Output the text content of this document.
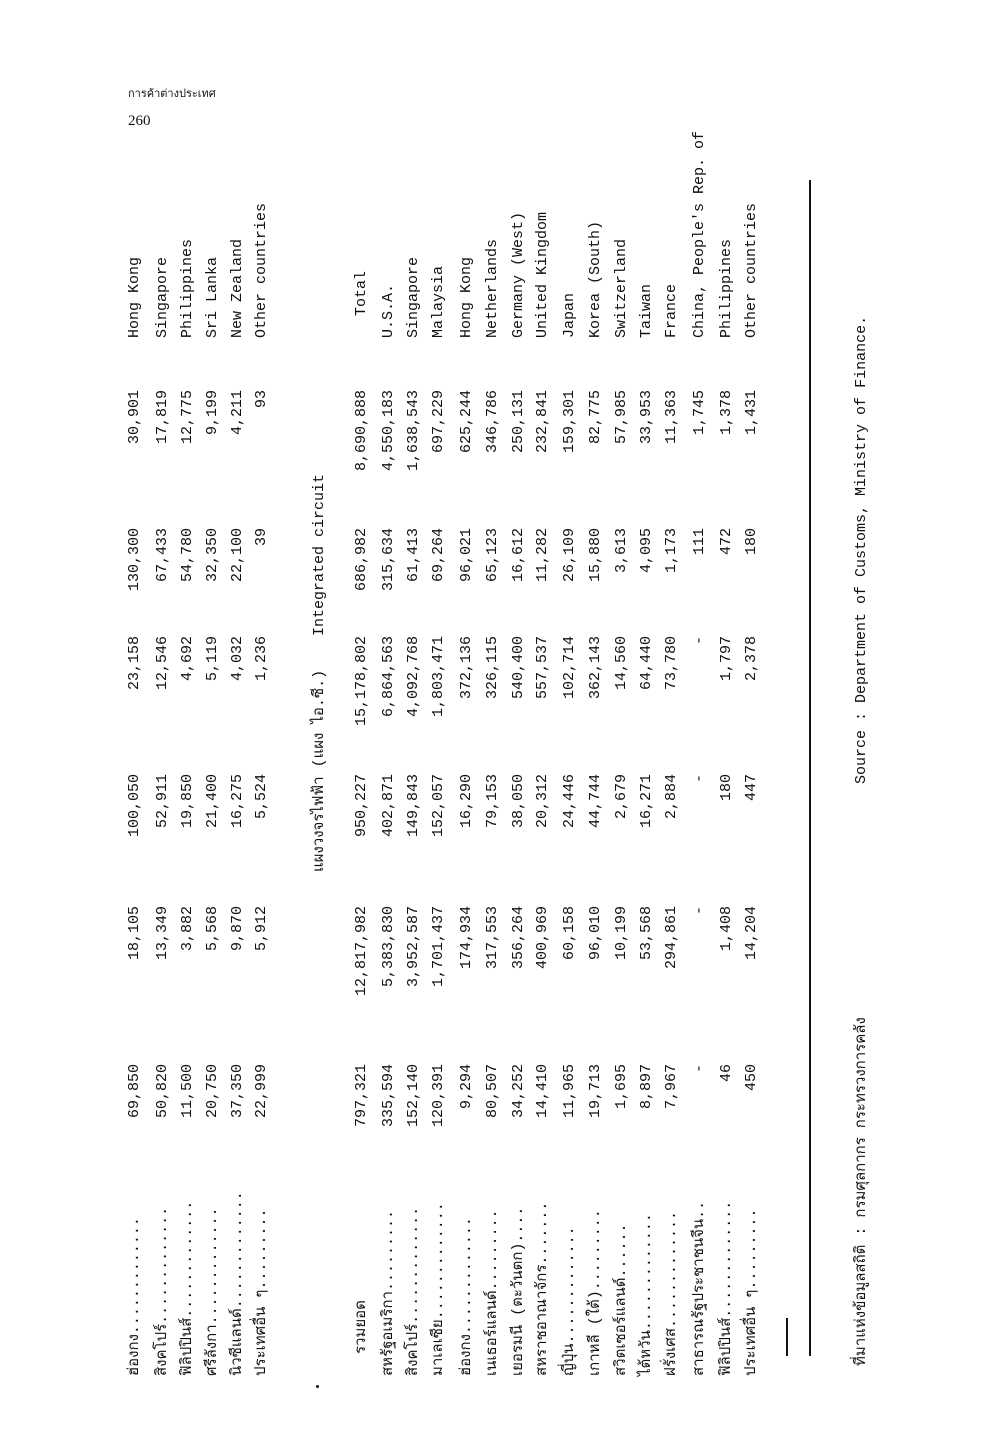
การค้าต่างประเทศ
260
ฮ่องกง.............
69,850
18,105
100,050
23,158
130,300
30,901
Hong Kong
สิงคโปร์.............
50,820
13,349
52,911
12,546
67,433
17,819
Singapore
ฟิลิปปินส์.............
11,500
3,882
19,850
4,692
54,780
12,775
Philippines
ศรีลังกา.............
20,750
5,568
21,400
5,119
32,350
9,199
Sri Lanka
นิวซีแลนด์.............
37,350
9,870
16,275
4,032
22,100
4,211
New Zealand
ประเทศอื่น ๆ.........
22,999
5,912
5,524
1,236
39
93
Other countries
รวมยอด
797,321
12,817,982
950,227
15,178,802
686,982
8,690,888
Total
สหรัฐอเมริกา.........
335,594
5,383,830
402,871
6,864,563
315,634
4,550,183
U.S.A.
สิงคโปร์.............
152,140
3,952,587
149,843
4,092,768
61,413
1,638,543
Singapore
มาเลเซีย.............
120,391
1,701,437
152,057
1,803,471
69,264
697,229
Malaysia
ฮ่องกง.............
9,294
174,934
16,290
372,136
96,021
625,244
Hong Kong
เนเธอร์แลนด์.........
80,507
317,553
79,153
326,115
65,123
346,786
Netherlands
เยอรมนี (ตะวันตก)....
34,252
356,264
38,050
540,400
16,612
250,131
Germany (West)
สหราชอาณาจักร.......
14,410
400,969
20,312
557,537
11,282
232,841
United Kingdom
ญี่ปุ่น.............
11,965
60,158
24,446
102,714
26,109
159,301
Japan
เกาหลี (ใต้).........
19,713
96,010
44,744
362,143
15,880
82,775
Korea (South)
สวิตเซอร์แลนด์......
1,695
10,199
2,679
14,560
3,613
57,985
Switzerland
ไต้หวัน.............
8,897
53,568
16,271
64,440
4,095
33,953
Taiwan
ฝรั่งเศส.............
7,967
294,861
2,884
73,780
1,173
11,363
France
สาธารณรัฐประชาชนจีน..
-
-
-
-
111
1,745
China, People's Rep. of
ฟิลิปปินส์.............
46
1,408
180
1,797
472
1,378
Philippines
ประเทศอื่น ๆ.........
450
14,204
447
2,378
180
1,431
Other countries
แผงวงจรไฟฟ้า (แผง ไอ.ซี.)
Integrated circuit
ที่มาแห่งข้อมูลสถิติ : กรมศุลกากร กระทรวงการคลัง
Source : Department of Customs, Ministry of Finance.
